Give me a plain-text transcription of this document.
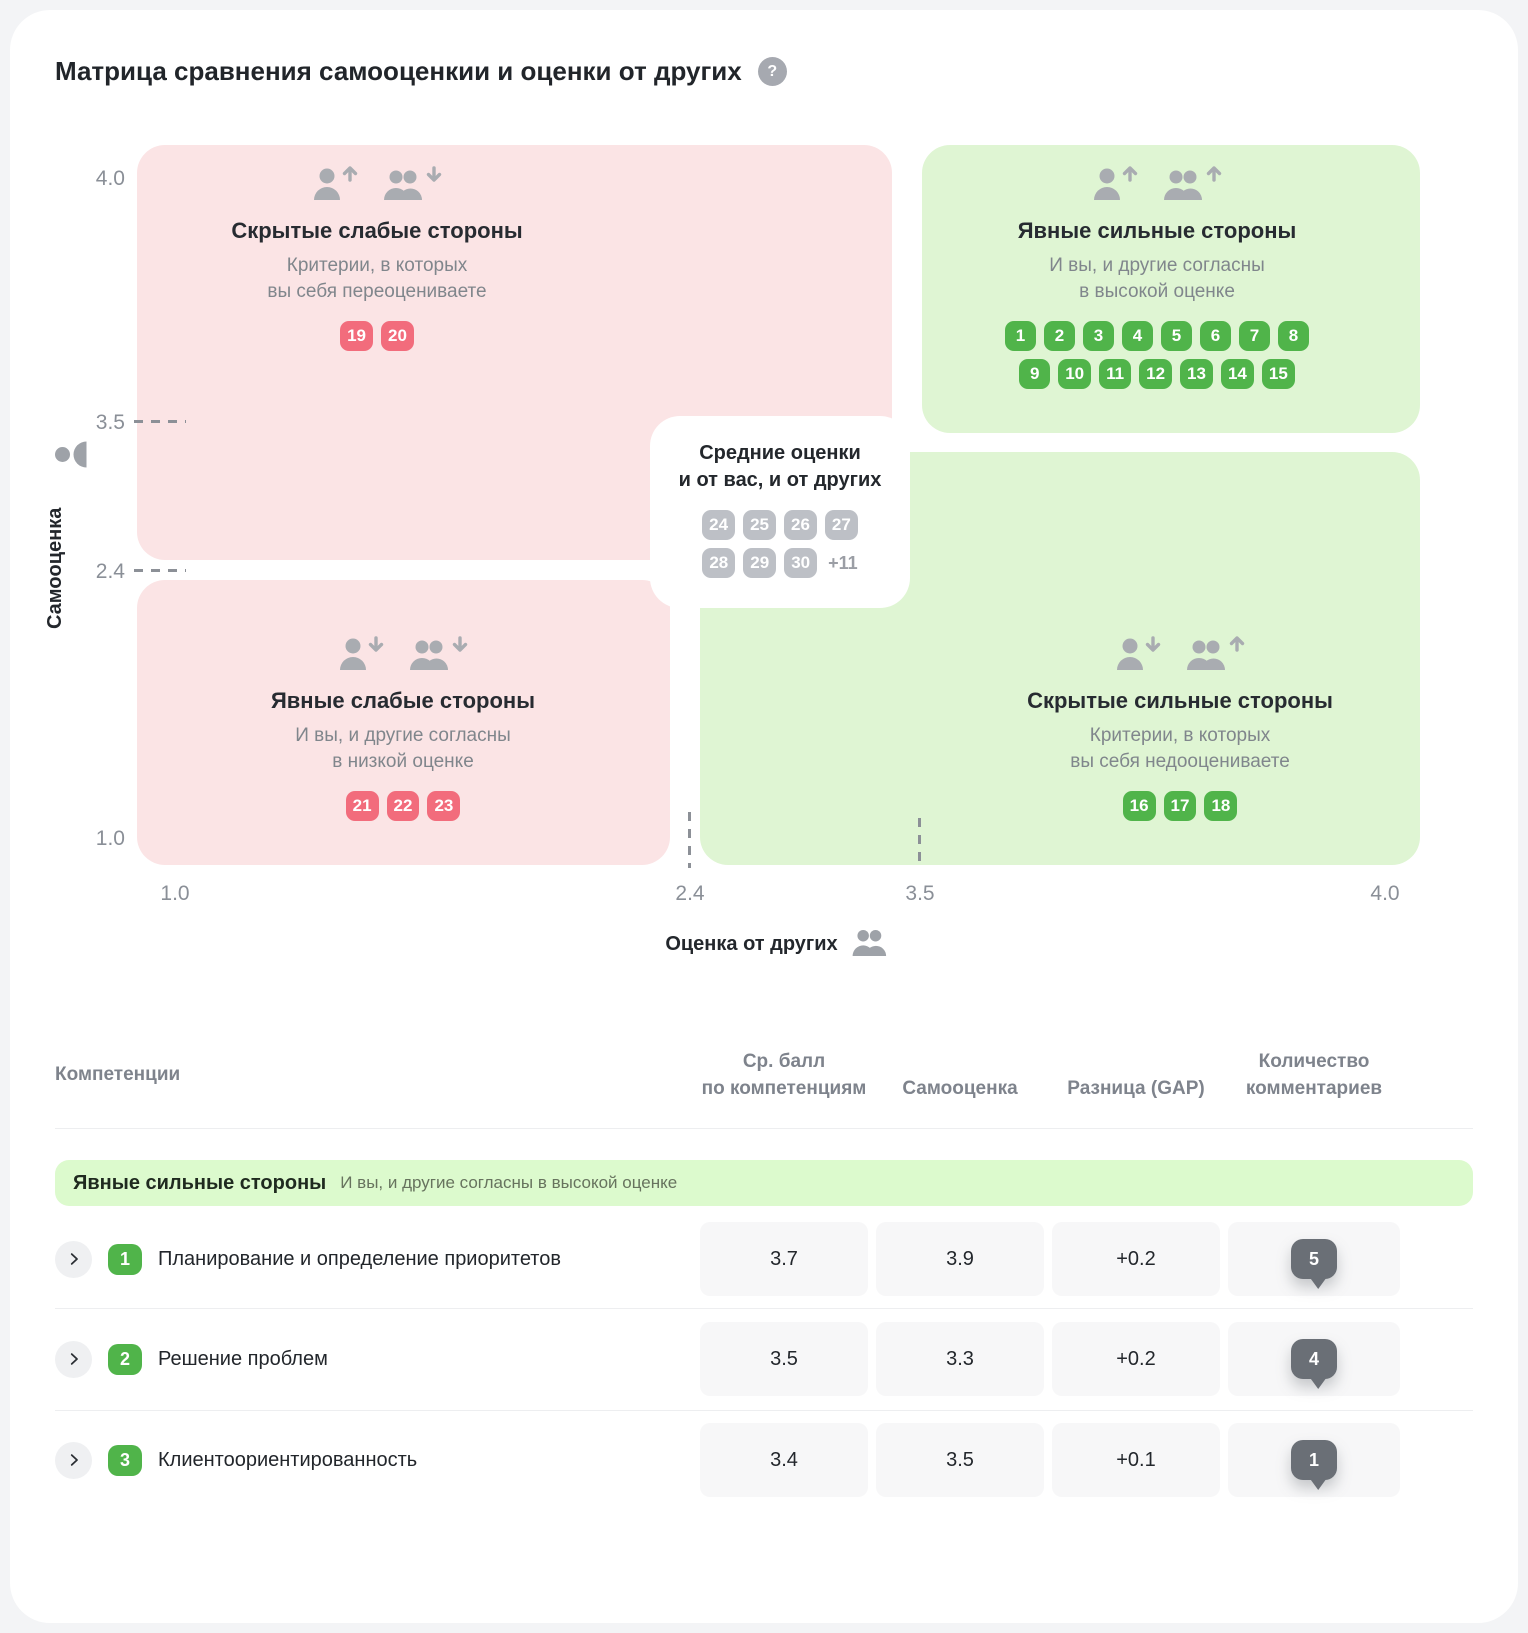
Матрица сравнения самооценкии и оценки от других	?
Скрытые слабые стороны
Критерии, в которых
вы себя переоцениваете
19	20
Явные сильные стороны
И вы, и другие согласны
в высокой оценке
1	2	3	4	5	6	7	8
9	10	11	12	13	14	15
Явные слабые стороны
И вы, и другие согласны
в низкой оценке
21	22	23
Скрытые сильные стороны
Критерии, в которых
вы себя недооцениваете
16	17	18
Средние оценки
и от вас, и от других
24	25	26	27
28	29	30	+11
4.0
3.5
2.4
1.0
Самооценка
1.0	2.4	3.5	4.0
Оценка от других
Компетенции
Ср. балл
по компетенциям	Самооценка	Разница (GAP)
Количество
комментариев
Явные сильные стороны И вы, и другие согласны в высокой оценке
1	Планирование и определение приоритетов	3.7	3.9	+0.2	5
2	Решение проблем	3.5	3.3	+0.2	4
3	Клиентоориентированность	3.4	3.5	+0.1	1
